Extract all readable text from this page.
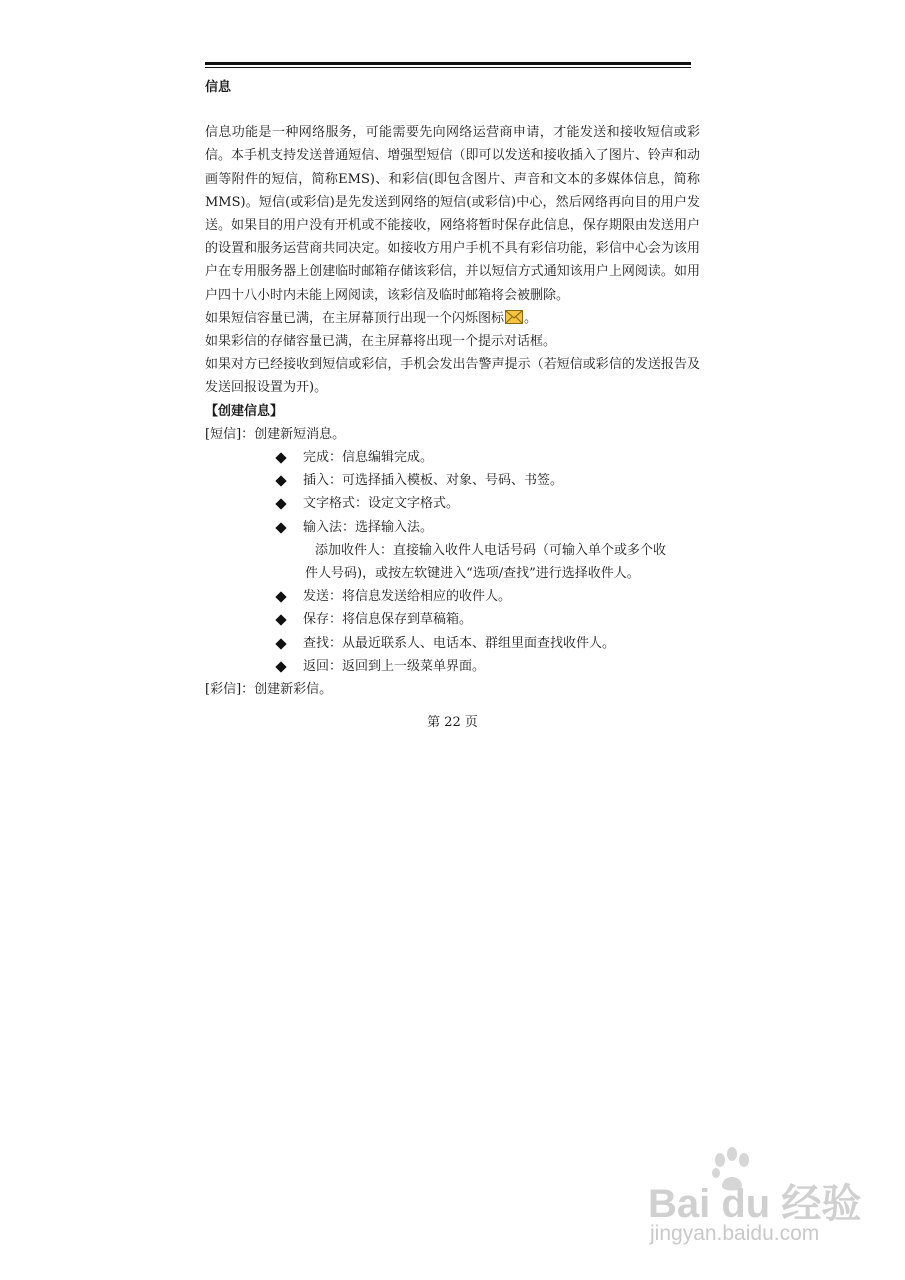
信息
信息功能是一种网络服务，可能需要先向网络运营商申请，才能发送和接收短信或彩信。本手机支持发送普通短信、增强型短信（即可以发送和接收插入了图片、铃声和动画等附件的短信，简称EMS)、和彩信(即包含图片、声音和文本的多媒体信息，简称MMS)。短信(或彩信)是先发送到网络的短信(或彩信)中心，然后网络再向目的用户发送。如果目的用户没有开机或不能接收，网络将暂时保存此信息，保存期限由发送用户的设置和服务运营商共同决定。如接收方用户手机不具有彩信功能，彩信中心会为该用户在专用服务器上创建临时邮箱存储该彩信，并以短信方式通知该用户上网阅读。如用户四十八小时内未能上网阅读，该彩信及临时邮箱将会被删除。
如果短信容量已满，在主屏幕顶行出现一个闪烁图标 。
如果彩信的存储容量已满，在主屏幕将出现一个提示对话框。
如果对方已经接收到短信或彩信，手机会发出告警声提示（若短信或彩信的发送报告及发送回报设置为开)。
【创建信息】
[短信]：创建新短消息。
完成：信息编辑完成。
插入：可选择插入模板、对象、号码、书签。
文字格式：设定文字格式。
输入法：选择输入法。
添加收件人：直接输入收件人电话号码（可输入单个或多个收
件人号码)，或按左软键进入“选项/查找”进行选择收件人。
发送：将信息发送给相应的收件人。
保存：将信息保存到草稿箱。
查找：从最近联系人、电话本、群组里面查找收件人。
返回：返回到上一级菜单界面。
[彩信]：创建新彩信。
第 22 页
Bai du 经验
jingyan.baidu.com
